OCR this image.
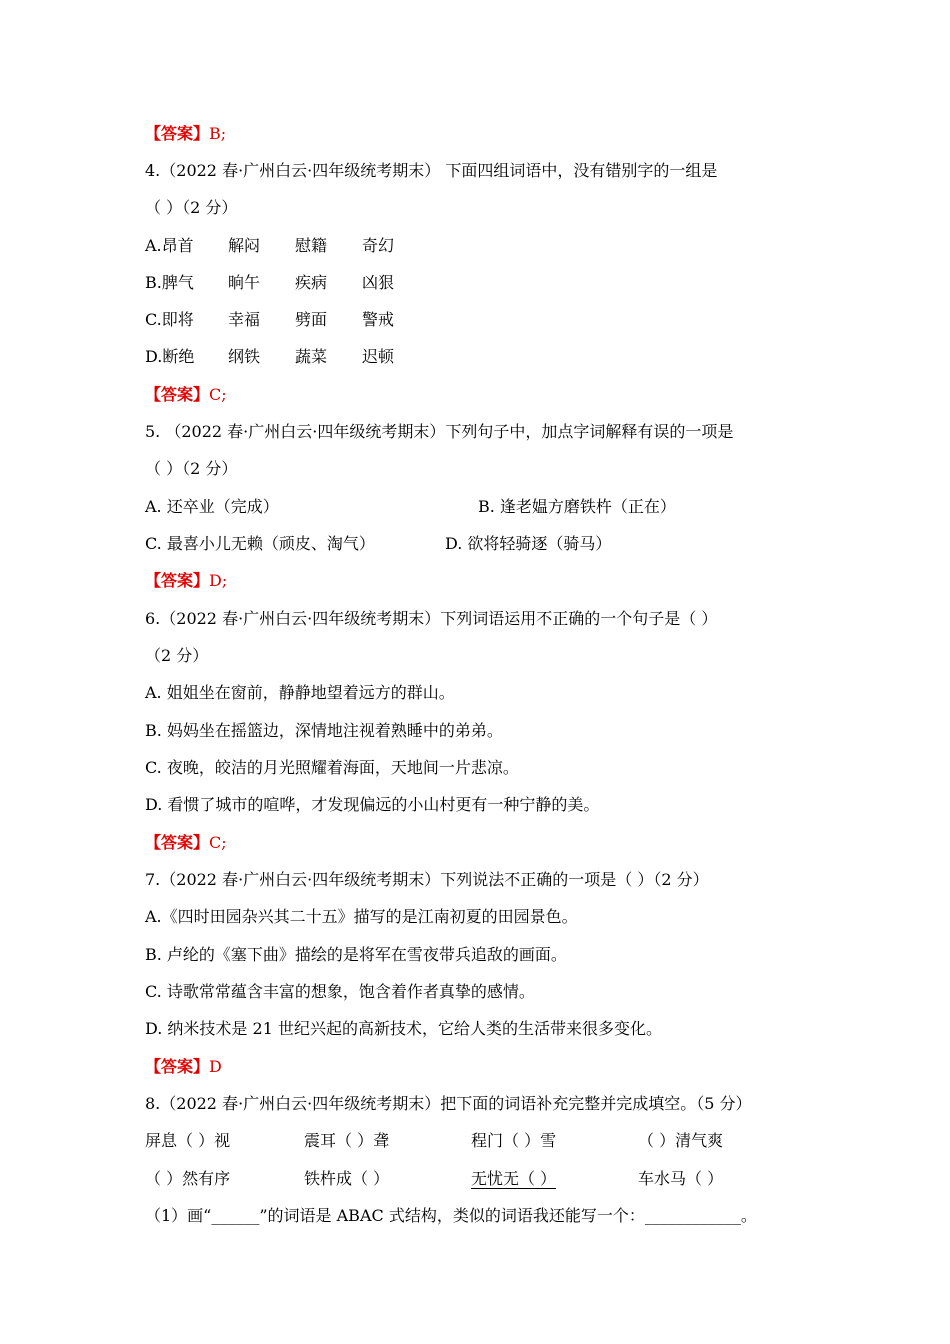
【答案】B;
4.（2022 春·广州白云·四年级统考期末） 下面四组词语中，没有错别字的一组是
（ ）（2 分）
A.昂首 解闷 慰籍 奇幻
B.脾气 晌午 疾病 凶狠
C.即将 幸福 劈面 警戒
D.断绝 纲铁 蔬菜 迟顿
【答案】C;
5. （2022 春·广州白云·四年级统考期末）下列句子中，加点字词解释有误的一项是
（ ）（2 分）
A. 还卒业（完成）	B. 逢老媪方磨铁杵（正在）
C. 最喜小儿无赖（顽皮、淘气）	D. 欲将轻骑逐（骑马）
【答案】D;
6.（2022 春·广州白云·四年级统考期末）下列词语运用不正确的一个句子是（ ）
（2 分）
A. 姐姐坐在窗前，静静地望着远方的群山。
B. 妈妈坐在摇篮边，深情地注视着熟睡中的弟弟。
C. 夜晚，皎洁的月光照耀着海面，天地间一片悲凉。
D. 看惯了城市的喧哗，才发现偏远的小山村更有一种宁静的美。
【答案】C;
7.（2022 春·广州白云·四年级统考期末）下列说法不正确的一项是（ ）（2 分）
A.《四时田园杂兴其二十五》描写的是江南初夏的田园景色。
B. 卢纶的《塞下曲》描绘的是将军在雪夜带兵追敌的画面。
C. 诗歌常常蕴含丰富的想象，饱含着作者真挚的感情。
D. 纳米技术是 21 世纪兴起的高新技术，它给人类的生活带来很多变化。
【答案】D
8.（2022 春·广州白云·四年级统考期末）把下面的词语补充完整并完成填空。（5 分）
屏息（ ）视	震耳（ ）聋	程门（ ）雪	（ ）清气爽
（ ）然有序	铁杵成（ ）	无忧无（ ）	车水马（ ）
（1）画“______”的词语是 ABAC 式结构，类似的词语我还能写一个：____________。
